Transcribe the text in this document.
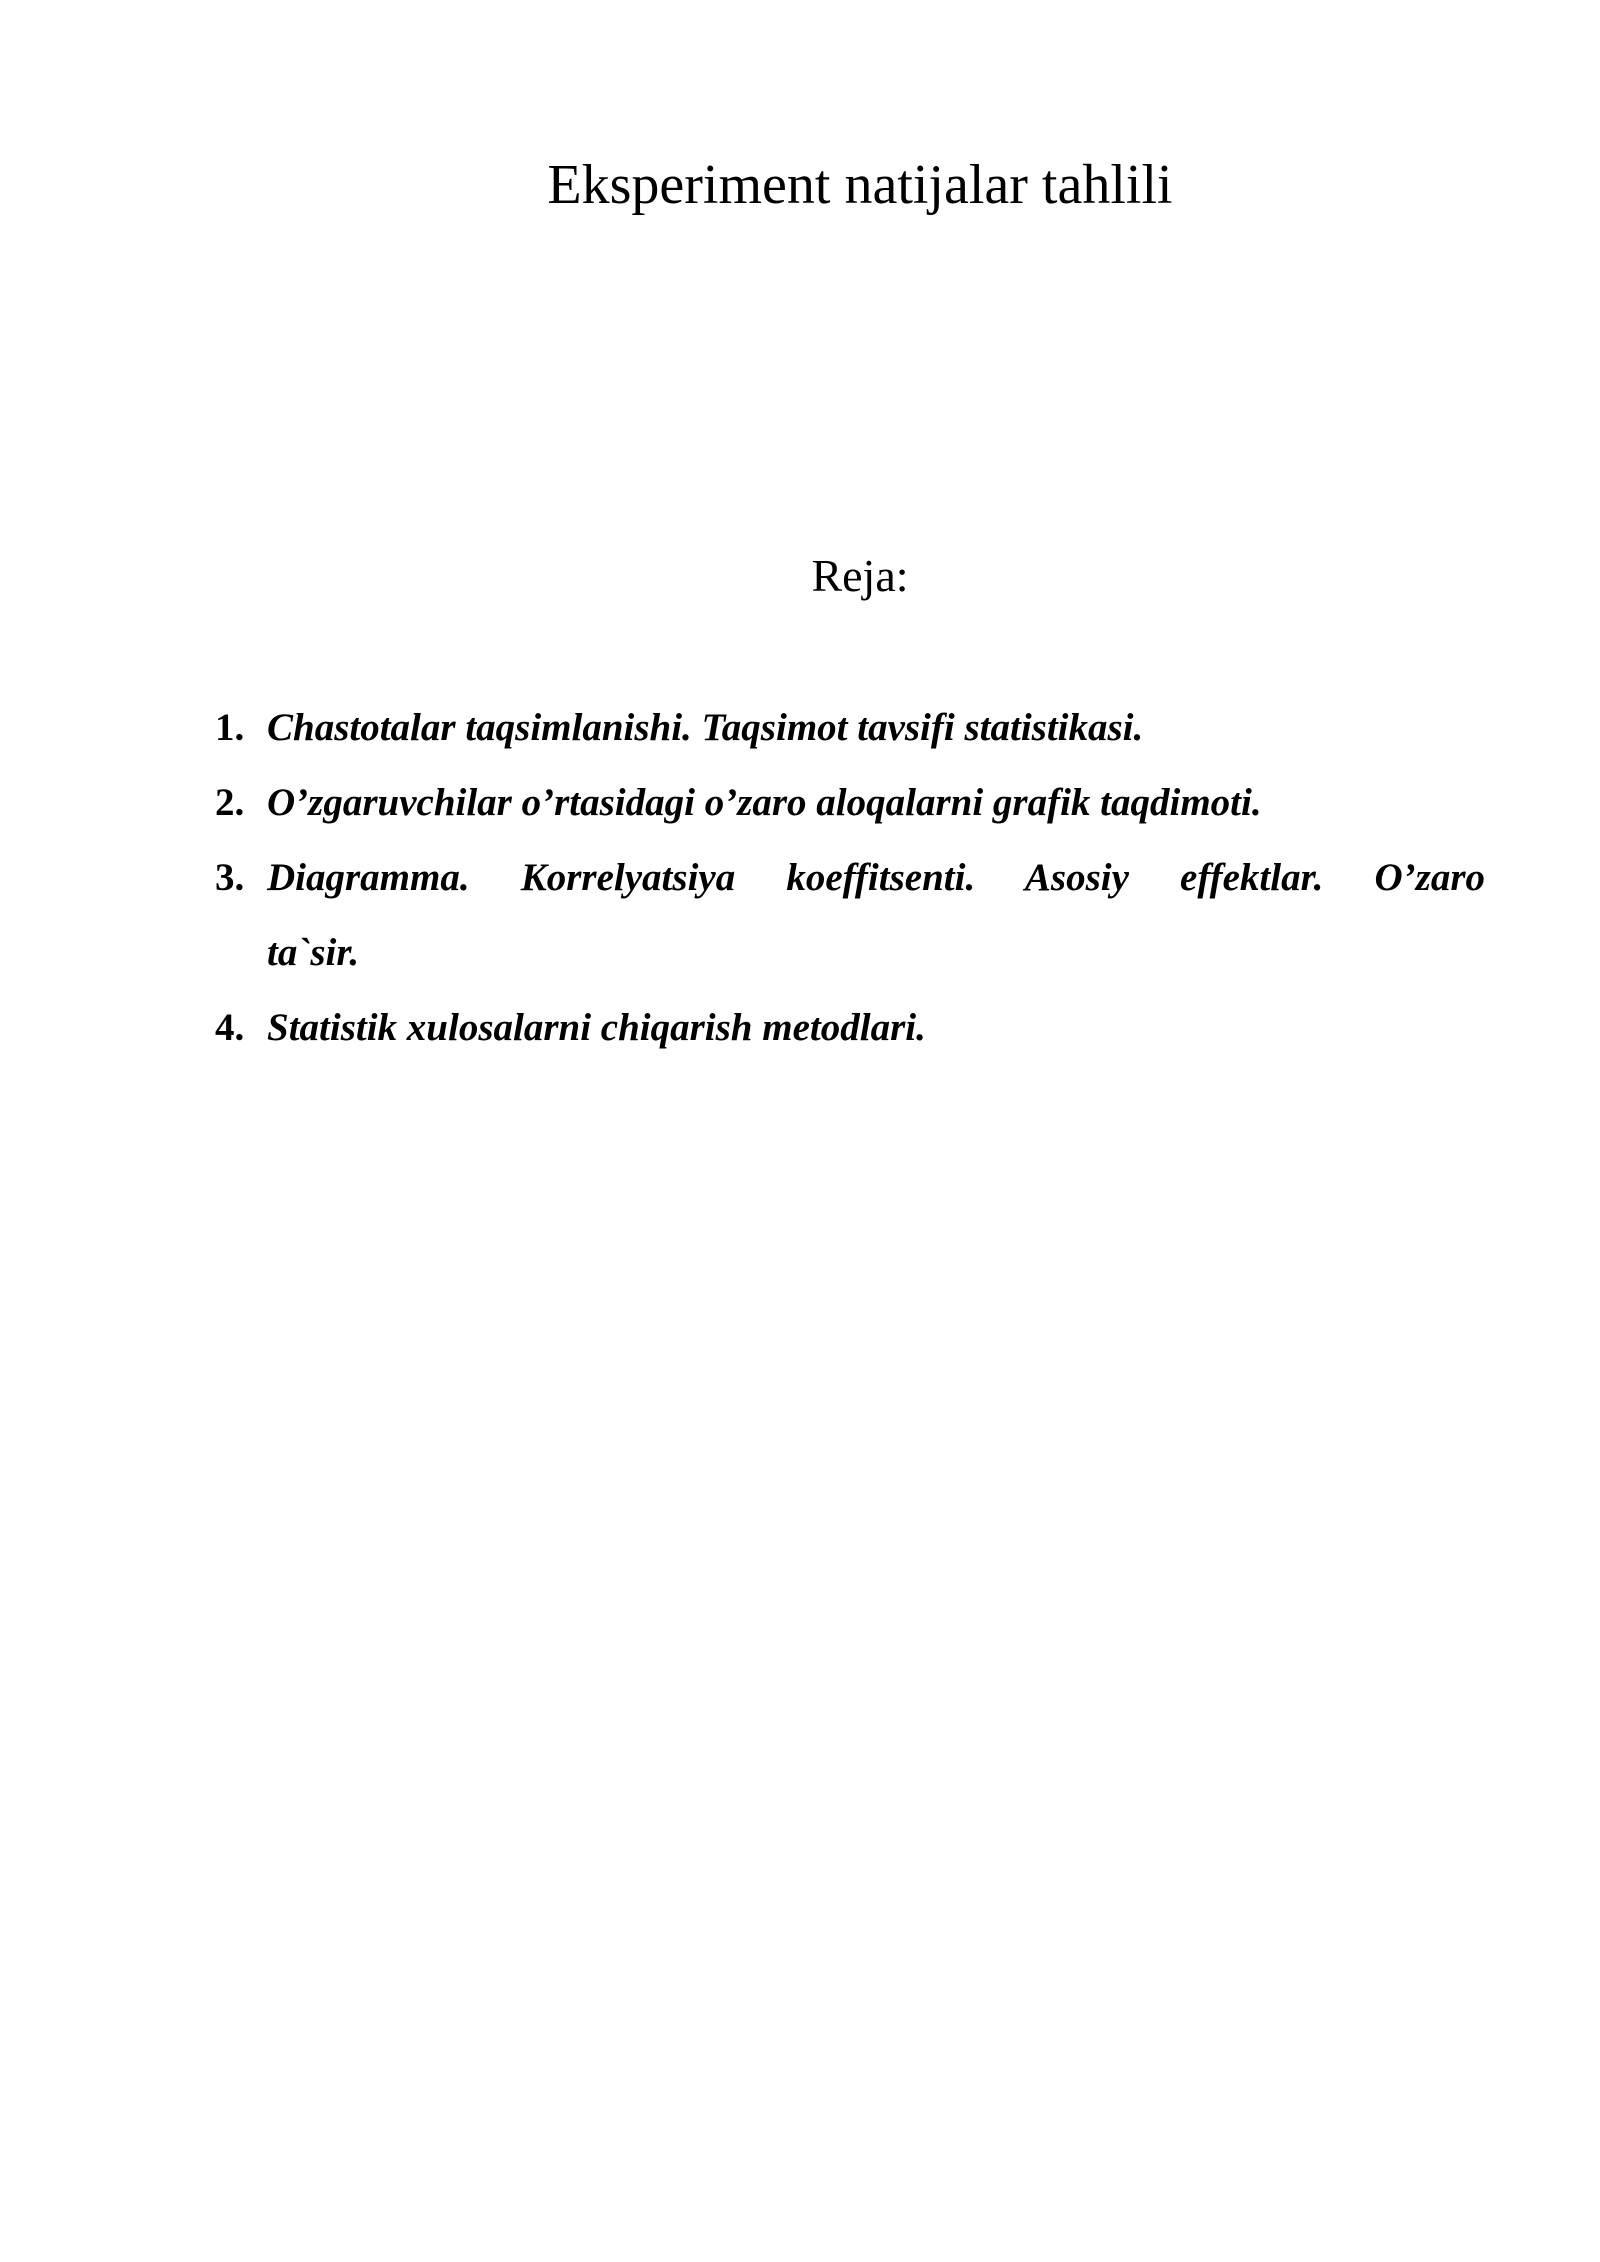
Eksperiment natijalar tahlili
Reja:
1. Chastotalar taqsimlanishi. Taqsimot tavsifi statistikasi.
2. O’zgaruvchilar o’rtasidagi o’zaro aloqalarni grafik taqdimoti.
3. Diagramma. Korrelyatsiya koeffitsenti. Asosiy effektlar. O’zaro
ta`sir.
4. Statistik xulosalarni chiqarish metodlari.
